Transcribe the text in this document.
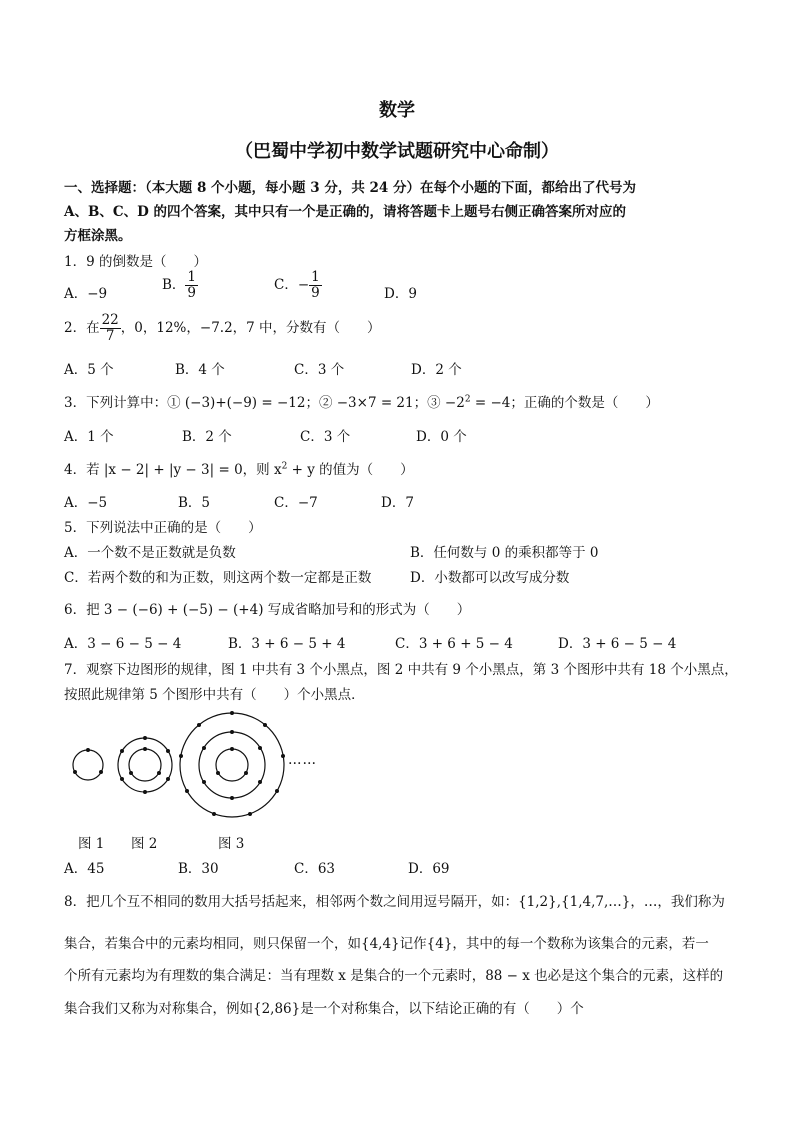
数学
（巴蜀中学初中数学试题研究中心命制）
一、选择题：（本大题 8 个小题，每小题 3 分，共 24 分）在每个小题的下面，都给出了代号为
A、B、C、D 的四个答案，其中只有一个是正确的，请将答题卡上题号右侧正确答案所对应的
方框涂黑。
1．9 的倒数是（　　）
A．−9
B． $\frac{1}{9}$	C．− $\frac{1}{9}$	D．9
2．在 $\frac{22}{7}$ ，0，12%，−7.2，7 中，分数有（　　）
A．5 个	B．4 个	C．3 个	D．2 个
3．下列计算中：① (−3)+(−9) = −12；② −3×7 = 21；③ $-2^2 = -4$；正确的个数是（　　）
A．1 个	B．2 个	C．3 个	D．0 个
4．若 |x − 2| + |y − 3| = 0，则 $x^2 + y$ 的值为（　　）
A．−5	B．5	C．−7	D．7
5．下列说法中正确的是（　　）
A．一个数不是正数就是负数	B．任何数与 0 的乘积都等于 0
C．若两个数的和为正数，则这两个数一定都是正数	D．小数都可以改写成分数
6．把 3 − (−6) + (−5) − (+4) 写成省略加号和的形式为（　　）
A．3 − 6 − 5 − 4	B．3 + 6 − 5 + 4	C．3 + 6 + 5 − 4	D．3 + 6 − 5 − 4
7．观察下边图形的规律，图 1 中共有 3 个小黑点，图 2 中共有 9 个小黑点，第 3 个图形中共有 18 个小黑点，
按照此规律第 5 个图形中共有（　　）个小黑点．
……
图 1 图 2	图 3
A．45	B．30	C．63	D．69
8．把几个互不相同的数用大括号括起来，相邻两个数之间用逗号隔开，如：{1,2},{1,4,7,…}，…，我们称为
集合，若集合中的元素均相同，则只保留一个，如{4,4}记作{4}，其中的每一个数称为该集合的元素，若一
个所有元素均为有理数的集合满足：当有理数 x 是集合的一个元素时，88 − x 也必是这个集合的元素，这样的
集合我们又称为对称集合，例如{2,86}是一个对称集合，以下结论正确的有（　　）个
